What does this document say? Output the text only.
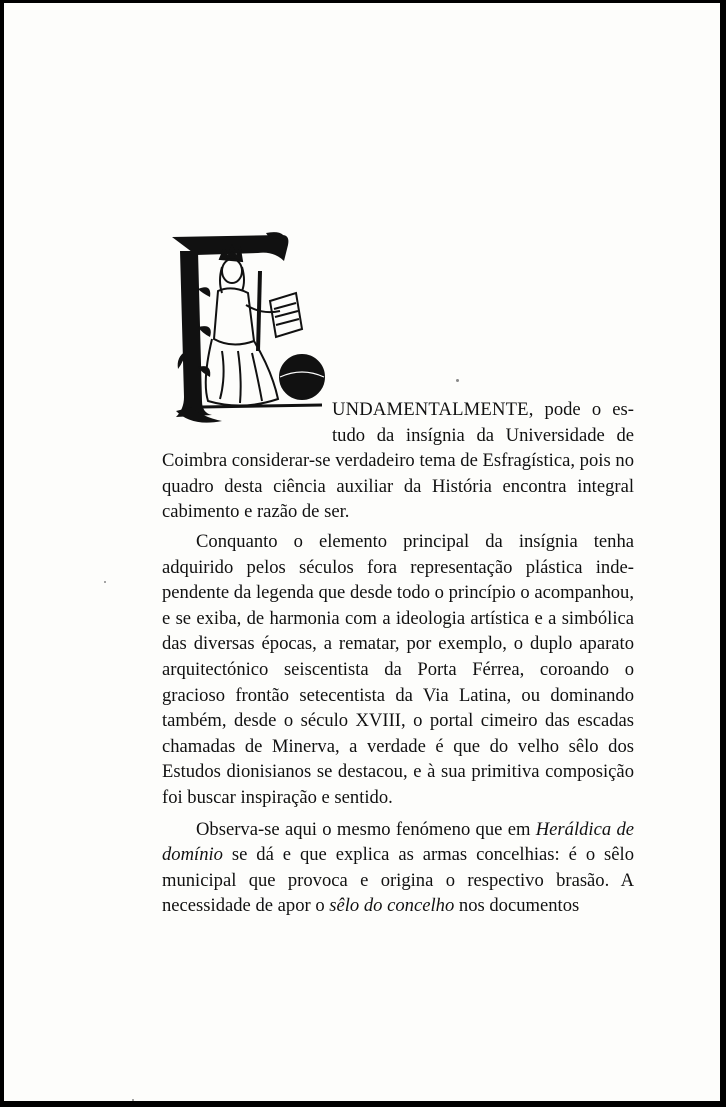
UNDAMENTALMENTE, pode o estudo da insígnia da Universidade de Coimbra considerar-se verdadeiro tema de Esfragística, pois no quadro desta ciência auxiliar da História encontra integral cabimento e razão de ser.

Conquanto o elemento principal da insígnia tenha adquirido pelos séculos fora representação plástica independente da legenda que desde todo o princípio o acompanhou, e se exiba, de harmonia com a ideologia artística e a simbólica das diversas épocas, a rematar, por exemplo, o duplo aparato arquitectónico seiscentista da Porta Férrea, coroando o gracioso frontão setecentista da Via Latina, ou dominando também, desde o século XVIII, o portal cimeiro das escadas chamadas de Minerva, a verdade é que do velho sêlo dos Estudos dionisianos se destacou, e à sua primitiva composição foi buscar inspiração e sentido.

Observa-se aqui o mesmo fenómeno que em Heráldica de domínio se dá e que explica as armas concelhias: é o sêlo municipal que provoca e origina o respectivo brasão. A necessidade de apor o sêlo do concelho nos documentos
